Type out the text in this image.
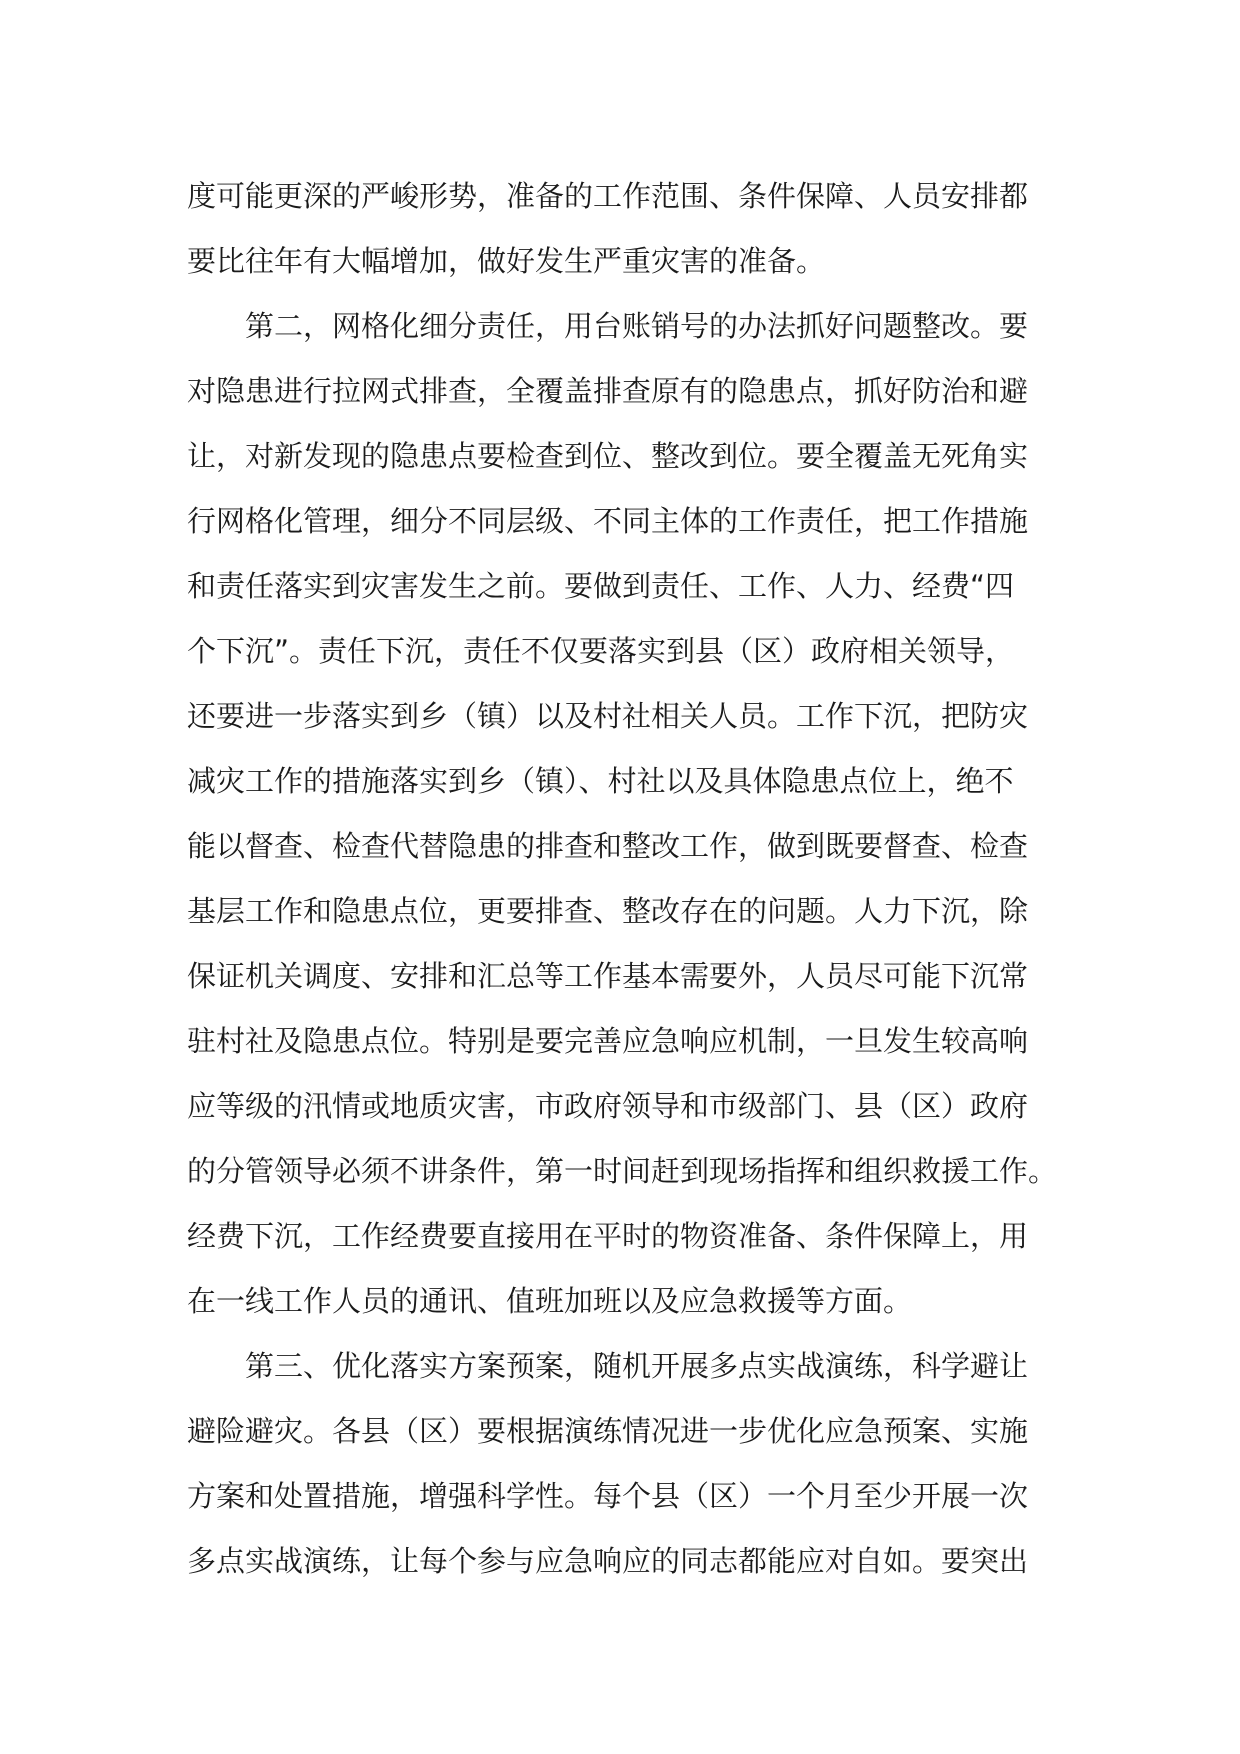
度可能更深的严峻形势，准备的工作范围、条件保障、人员安排都
要比往年有大幅增加，做好发生严重灾害的准备。
　　第二，网格化细分责任，用台账销号的办法抓好问题整改。要
对隐患进行拉网式排查，全覆盖排查原有的隐患点，抓好防治和避
让，对新发现的隐患点要检查到位、整改到位。要全覆盖无死角实
行网格化管理，细分不同层级、不同主体的工作责任，把工作措施
和责任落实到灾害发生之前。要做到责任、工作、人力、经费“四
个下沉”。责任下沉，责任不仅要落实到县（区）政府相关领导，
还要进一步落实到乡（镇）以及村社相关人员。工作下沉，把防灾
减灾工作的措施落实到乡（镇）、村社以及具体隐患点位上，绝不
能以督查、检查代替隐患的排查和整改工作，做到既要督查、检查
基层工作和隐患点位，更要排查、整改存在的问题。人力下沉，除
保证机关调度、安排和汇总等工作基本需要外，人员尽可能下沉常
驻村社及隐患点位。特别是要完善应急响应机制，一旦发生较高响
应等级的汛情或地质灾害，市政府领导和市级部门、县（区）政府
的分管领导必须不讲条件，第一时间赶到现场指挥和组织救援工作。
经费下沉，工作经费要直接用在平时的物资准备、条件保障上，用
在一线工作人员的通讯、值班加班以及应急救援等方面。
　　第三、优化落实方案预案，随机开展多点实战演练，科学避让
避险避灾。各县（区）要根据演练情况进一步优化应急预案、实施
方案和处置措施，增强科学性。每个县（区）一个月至少开展一次
多点实战演练，让每个参与应急响应的同志都能应对自如。要突出
